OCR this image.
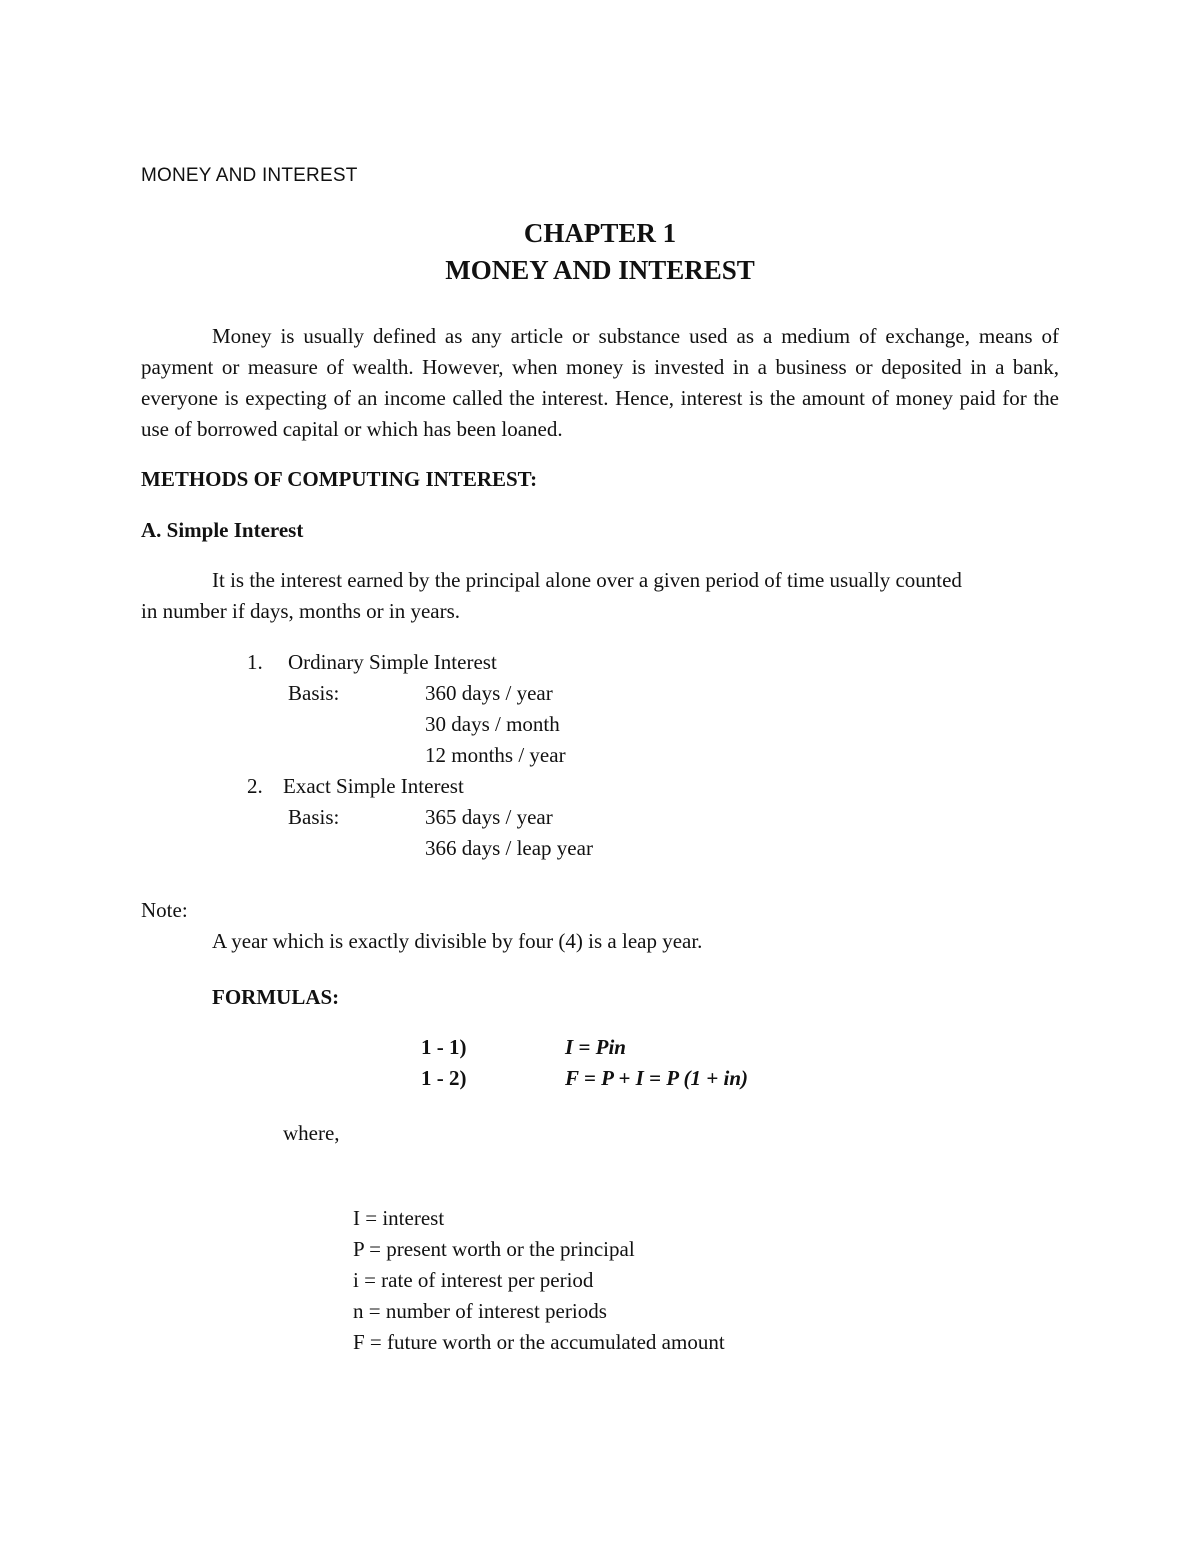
MONEY AND INTEREST
CHAPTER 1
MONEY AND INTEREST

Money is usually defined as any article or substance used as a medium of exchange, means of payment or measure of wealth. However, when money is invested in a business or deposited in a bank, everyone is expecting of an income called the interest. Hence, interest is the amount of money paid for the use of borrowed capital or which has been loaned.

METHODS OF COMPUTING INTEREST:
A. Simple Interest
It is the interest earned by the principal alone over a given period of time usually counted
in number if days, months or in years.
1. Ordinary Simple Interest
Basis:	360 days / year
30 days / month
12 months / year
2. Exact Simple Interest
Basis:	365 days / year
366 days / leap year
Note:
A year which is exactly divisible by four (4) is a leap year.
FORMULAS:
1 - 1)	I = Pin
1 - 2)	F = P + I = P (1 + in)
where,
I = interest
P = present worth or the principal
i = rate of interest per period
n = number of interest periods
F = future worth or the accumulated amount
